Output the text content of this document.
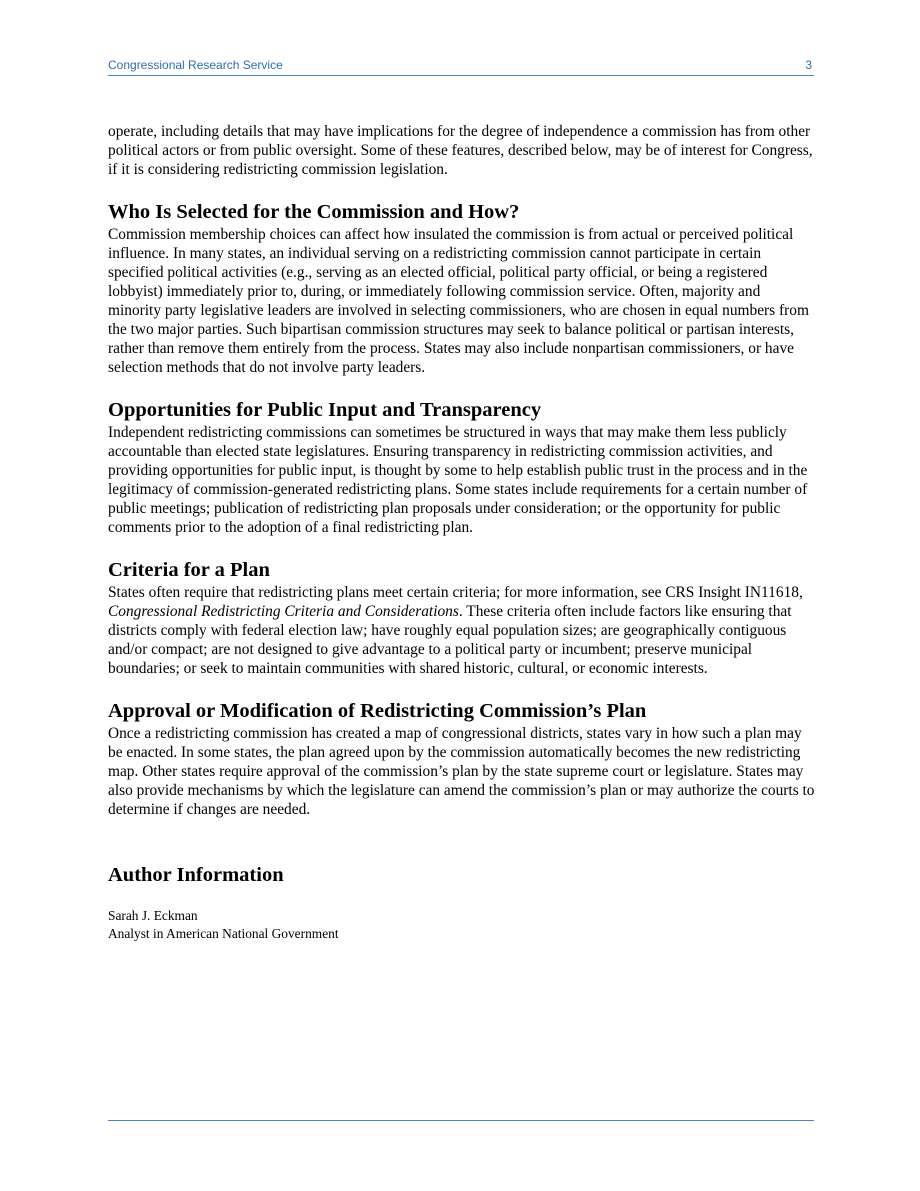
Congressional Research Service	3

operate, including details that may have implications for the degree of independence a commission has from other political actors or from public oversight. Some of these features, described below, may be of interest for Congress, if it is considering redistricting commission legislation.

Who Is Selected for the Commission and How?

Commission membership choices can affect how insulated the commission is from actual or perceived political influence. In many states, an individual serving on a redistricting commission cannot participate in certain specified political activities (e.g., serving as an elected official, political party official, or being a registered lobbyist) immediately prior to, during, or immediately following commission service. Often, majority and minority party legislative leaders are involved in selecting commissioners, who are chosen in equal numbers from the two major parties. Such bipartisan commission structures may seek to balance political or partisan interests, rather than remove them entirely from the process. States may also include nonpartisan commissioners, or have selection methods that do not involve party leaders.

Opportunities for Public Input and Transparency

Independent redistricting commissions can sometimes be structured in ways that may make them less publicly accountable than elected state legislatures. Ensuring transparency in redistricting commission activities, and providing opportunities for public input, is thought by some to help establish public trust in the process and in the legitimacy of commission-generated redistricting plans. Some states include requirements for a certain number of public meetings; publication of redistricting plan proposals under consideration; or the opportunity for public comments prior to the adoption of a final redistricting plan.

Criteria for a Plan

States often require that redistricting plans meet certain criteria; for more information, see CRS Insight IN11618, Congressional Redistricting Criteria and Considerations. These criteria often include factors like ensuring that districts comply with federal election law; have roughly equal population sizes; are geographically contiguous and/or compact; are not designed to give advantage to a political party or incumbent; preserve municipal boundaries; or seek to maintain communities with shared historic, cultural, or economic interests.

Approval or Modification of Redistricting Commission’s Plan

Once a redistricting commission has created a map of congressional districts, states vary in how such a plan may be enacted. In some states, the plan agreed upon by the commission automatically becomes the new redistricting map. Other states require approval of the commission’s plan by the state supreme court or legislature. States may also provide mechanisms by which the legislature can amend the commission’s plan or may authorize the courts to determine if changes are needed.

Author Information
Sarah J. Eckman
Analyst in American National Government
